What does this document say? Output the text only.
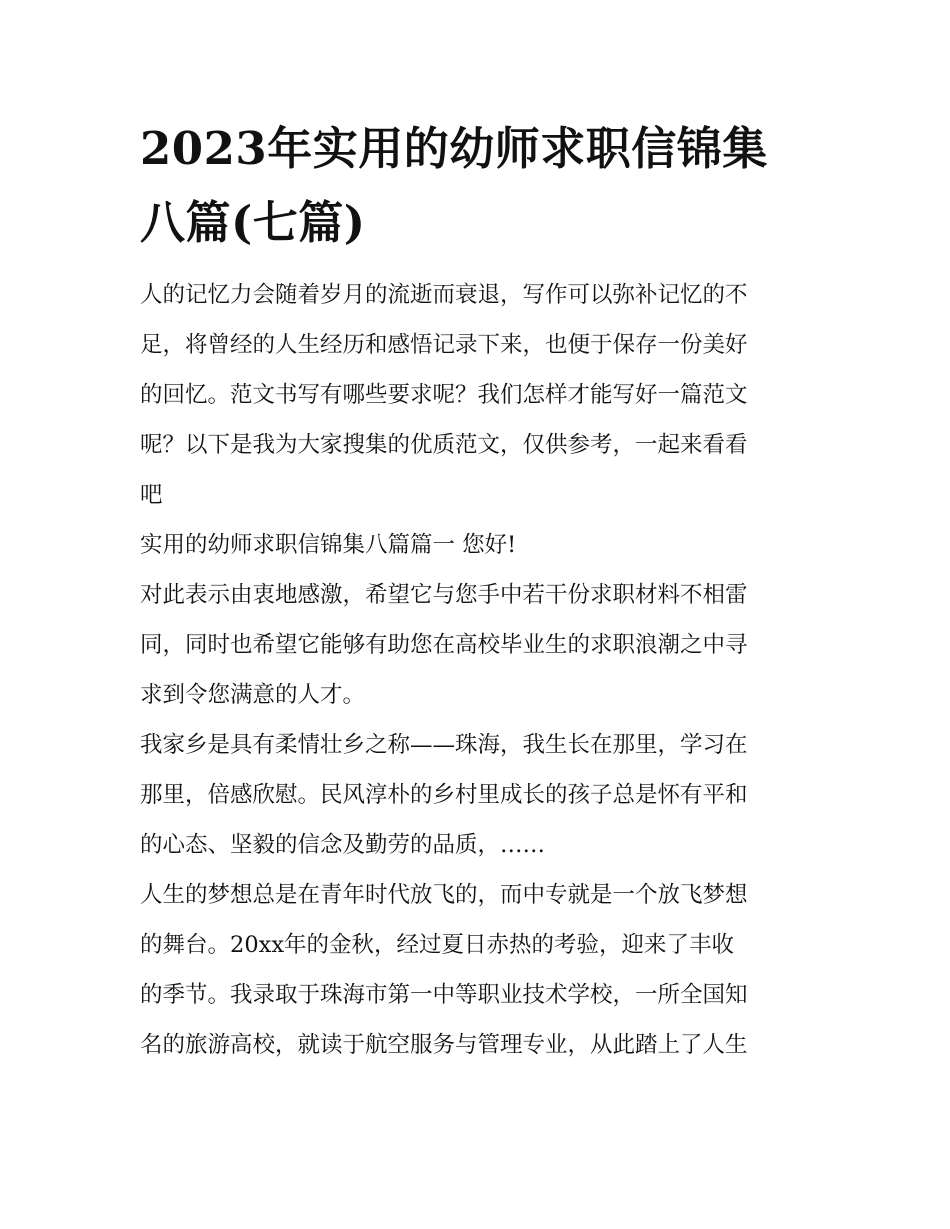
2023年实用的幼师求职信锦集
八篇(七篇)

人的记忆力会随着岁月的流逝而衰退，写作可以弥补记忆的不
足，将曾经的人生经历和感悟记录下来，也便于保存一份美好
的回忆。范文书写有哪些要求呢？我们怎样才能写好一篇范文
呢？以下是我为大家搜集的优质范文，仅供参考，一起来看看
吧

实用的幼师求职信锦集八篇篇一 您好!

对此表示由衷地感激，希望它与您手中若干份求职材料不相雷
同，同时也希望它能够有助您在高校毕业生的求职浪潮之中寻
求到令您满意的人才。

我家乡是具有柔情壮乡之称——珠海，我生长在那里，学习在
那里，倍感欣慰。民风淳朴的乡村里成长的孩子总是怀有平和
的心态、坚毅的信念及勤劳的品质，……

人生的梦想总是在青年时代放飞的，而中专就是一个放飞梦想
的舞台。20xx年的金秋，经过夏日赤热的考验，迎来了丰收
的季节。我录取于珠海市第一中等职业技术学校，一所全国知
名的旅游高校，就读于航空服务与管理专业，从此踏上了人生
